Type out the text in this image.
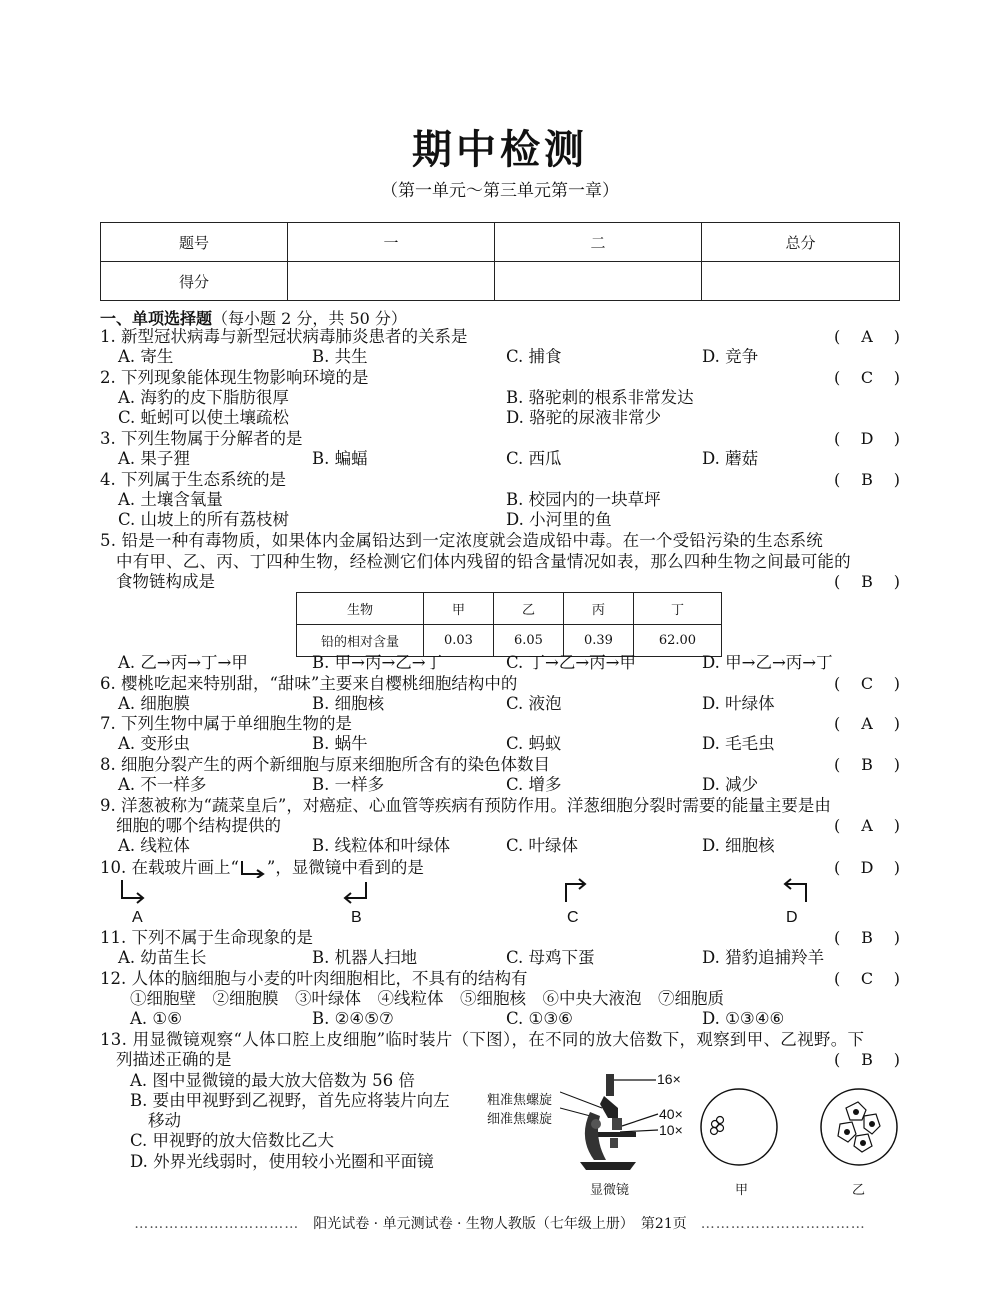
期中检测
（第一单元～第三单元第一章）
题号	一	二	总分
得分			
一、单项选择题（每小题 2 分，共 50 分）
1. 新型冠状病毒与新型冠状病毒肺炎患者的关系是	( A )
A. 寄生	B. 共生	C. 捕食	D. 竞争
2. 下列现象能体现生物影响环境的是	( C )
A. 海豹的皮下脂肪很厚	B. 骆驼刺的根系非常发达
C. 蚯蚓可以使土壤疏松	D. 骆驼的尿液非常少
3. 下列生物属于分解者的是	( D )
A. 果子狸	B. 蝙蝠	C. 西瓜	D. 蘑菇
4. 下列属于生态系统的是	( B )
A. 土壤含氧量	B. 校园内的一块草坪
C. 山坡上的所有荔枝树	D. 小河里的鱼
5. 铅是一种有毒物质，如果体内金属铅达到一定浓度就会造成铅中毒。在一个受铅污染的生态系统
中有甲、乙、丙、丁四种生物，经检测它们体内残留的铅含量情况如表，那么四种生物之间最可能的
食物链构成是	( B )
生物	甲	乙	丙	丁
铅的相对含量	0.03	6.05	0.39	62.00
A. 乙→丙→丁→甲	B. 甲→丙→乙→丁	C. 丁→乙→丙→甲	D. 甲→乙→丙→丁
6. 樱桃吃起来特别甜，“甜味”主要来自樱桃细胞结构中的	( C )
A. 细胞膜	B. 细胞核	C. 液泡	D. 叶绿体
7. 下列生物中属于单细胞生物的是	( A )
A. 变形虫	B. 蜗牛	C. 蚂蚁	D. 毛毛虫
8. 细胞分裂产生的两个新细胞与原来细胞所含有的染色体数目	( B )
A. 不一样多	B. 一样多	C. 增多	D. 减少
9. 洋葱被称为“蔬菜皇后”，对癌症、心血管等疾病有预防作用。洋葱细胞分裂时需要的能量主要是由
细胞的哪个结构提供的	( A )
A. 线粒体	B. 线粒体和叶绿体	C. 叶绿体	D. 细胞核
10. 在载玻片画上“ ”，显微镜中看到的是	( D )
A	B	C	D
11. 下列不属于生命现象的是	( B )
A. 幼苗生长	B. 机器人扫地	C. 母鸡下蛋	D. 猎豹追捕羚羊
12. 人体的脑细胞与小麦的叶肉细胞相比，不具有的结构有	( C )
①细胞壁　②细胞膜　③叶绿体　④线粒体　⑤细胞核　⑥中央大液泡　⑦细胞质
A. ①⑥	B. ②④⑤⑦	C. ①③⑥	D. ①③④⑥
13. 用显微镜观察“人体口腔上皮细胞”临时装片（下图），在不同的放大倍数下，观察到甲、乙视野。下
列描述正确的是	( B )
A. 图中显微镜的最大放大倍数为 56 倍
B. 要由甲视野到乙视野，首先应将装片向左
移动
C. 甲视野的放大倍数比乙大
D. 外界光线弱时，使用较小光圈和平面镜
粗准焦螺旋
细准焦螺旋
16×
40×
10×
显微镜	甲	乙
……………………………　 阳光试卷 · 单元测试卷 · 生物人教版（七年级上册）　第21页　 ……………………………
